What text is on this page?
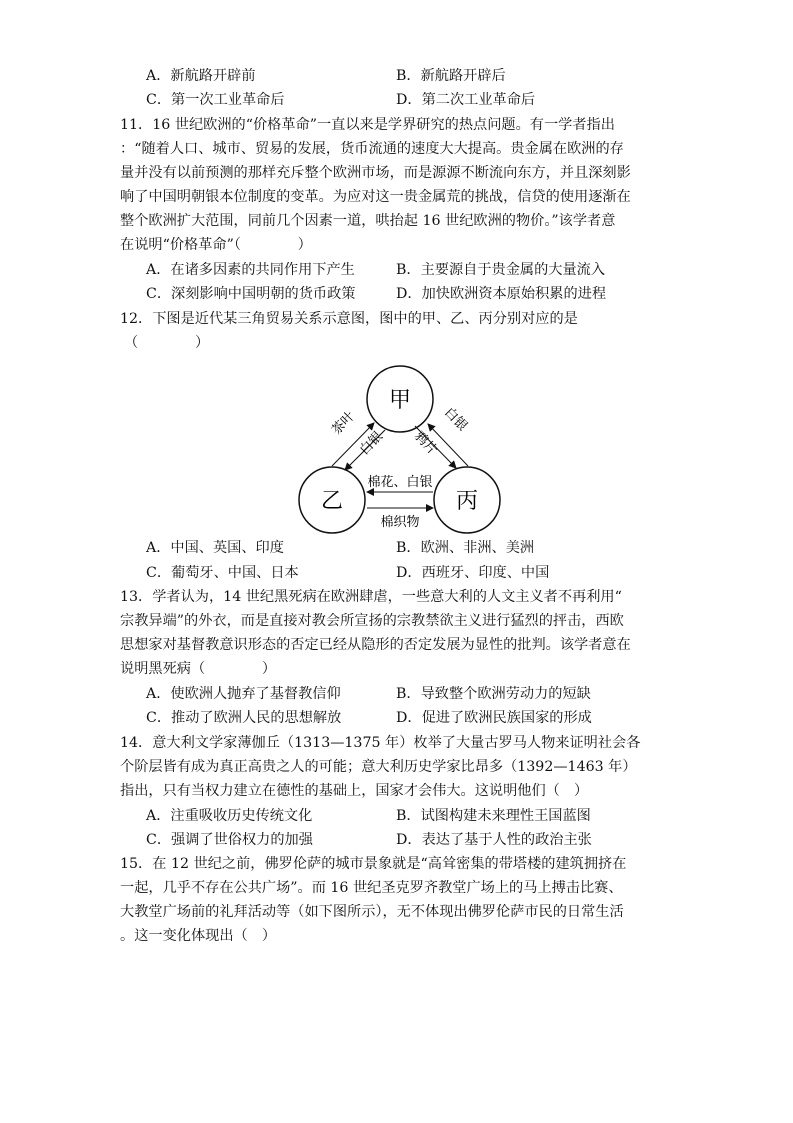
A．新航路开辟前	B．新航路开辟后
C．第一次工业革命后	D．第二次工业革命后
11．16 世纪欧洲的“价格革命”一直以来是学界研究的热点问题。有一学者指出
：“随着人口、城市、贸易的发展，货币流通的速度大大提高。贵金属在欧洲的存
量并没有以前预测的那样充斥整个欧洲市场，而是源源不断流向东方，并且深刻影
响了中国明朝银本位制度的变革。为应对这一贵金属荒的挑战，信贷的使用逐渐在
整个欧洲扩大范围，同前几个因素一道，哄抬起 16 世纪欧洲的物价。”该学者意
在说明“价格革命”（　　　　）
A．在诸多因素的共同作用下产生	B．主要源自于贵金属的大量流入
C．深刻影响中国明朝的货币政策	D．加快欧洲资本原始积累的进程
12．下图是近代某三角贸易关系示意图，图中的甲、乙、丙分别对应的是
（　　　　）
甲
乙	丙
茶叶
白银
白银
鸦片
棉花、白银
棉织物
A．中国、英国、印度	B．欧洲、非洲、美洲
C．葡萄牙、中国、日本	D．西班牙、印度、中国
13．学者认为，14 世纪黑死病在欧洲肆虐，一些意大利的人文主义者不再利用“
宗教异端”的外衣，而是直接对教会所宣扬的宗教禁欲主义进行猛烈的抨击，西欧
思想家对基督教意识形态的否定已经从隐形的否定发展为显性的批判。该学者意在
说明黑死病（　　　　）
A．使欧洲人抛弃了基督教信仰	B．导致整个欧洲劳动力的短缺
C．推动了欧洲人民的思想解放	D．促进了欧洲民族国家的形成
14．意大利文学家薄伽丘（1313—1375 年）枚举了大量古罗马人物来证明社会各
个阶层皆有成为真正高贵之人的可能；意大利历史学家比昂多（1392—1463 年）
指出，只有当权力建立在德性的基础上，国家才会伟大。这说明他们（　）
A．注重吸收历史传统文化	B．试图构建未来理性王国蓝图
C．强调了世俗权力的加强	D．表达了基于人性的政治主张
15．在 12 世纪之前，佛罗伦萨的城市景象就是“高耸密集的带塔楼的建筑拥挤在
一起，几乎不存在公共广场”。而 16 世纪圣克罗齐教堂广场上的马上搏击比赛、
大教堂广场前的礼拜活动等（如下图所示），无不体现出佛罗伦萨市民的日常生活
。这一变化体现出（　）
